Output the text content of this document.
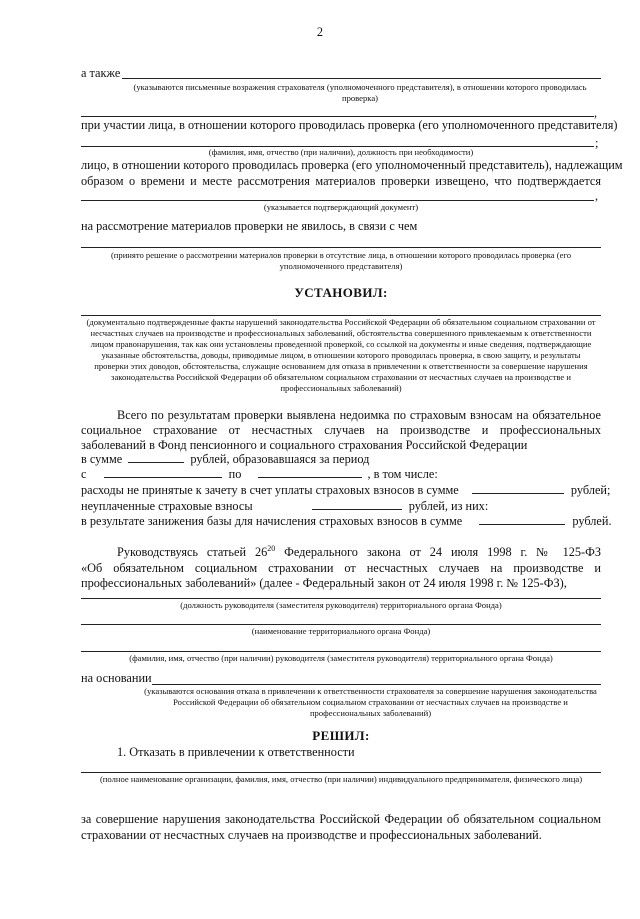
2
а также
(указываются письменные возражения страхователя (уполномоченного представителя), в отношении которого проводилась проверка)
,
при участии лица, в отношении которого проводилась проверка (его уполномоченного представителя)
;
(фамилия, имя, отчество (при наличии), должность при необходимости)
лицо, в отношении которого проводилась проверка (его уполномоченный представитель), надлежащим
образом о времени и месте рассмотрения материалов проверки извещено, что подтверждается
,
(указывается подтверждающий документ)
на рассмотрение материалов проверки не явилось, в связи с чем
(принято решение о рассмотрении материалов проверки в отсутствие лица, в отношении которого проводилась проверка (его уполномоченного представителя)
УСТАНОВИЛ:
(документально подтвержденные факты нарушений законодательства Российской Федерации об обязательном социальном страховании от несчастных случаев на производстве и профессиональных заболеваний, обстоятельства совершенного привлекаемым к ответственности лицом правонарушения, так как они установлены проведенной проверкой, со ссылкой на документы и иные сведения, подтверждающие указанные обстоятельства, доводы, приводимые лицом, в отношении которого проводилась проверка, в свою защиту, и результаты проверки этих доводов, обстоятельства, служащие основанием для отказа в привлечении к ответственности за совершение нарушения законодательства Российской Федерации об обязательном социальном страховании от несчастных случаев на производстве и профессиональных заболеваний)
Всего по результатам проверки выявлена недоимка по страховым взносам на обязательное социальное страхование от несчастных случаев на производстве и профессиональных заболеваний в Фонд пенсионного и социального страхования Российской Федерации
в сумме	рублей, образовавшаяся за период
с	по	, в том числе:
расходы не принятые к зачету в счет уплаты страховых взносов в сумме	рублей;
неуплаченные страховые взносы	рублей, из них:
в результате занижения базы для начисления страховых взносов в сумме	рублей.
Руководствуясь статьей $26^{20}$ Федерального закона от 24 июля 1998 г. № 125-ФЗ
«Об обязательном социальном страховании от несчастных случаев на производстве и
профессиональных заболеваний» (далее - Федеральный закон от 24 июля 1998 г. № 125-ФЗ),
(должность руководителя (заместителя руководителя) территориального органа Фонда)
(наименование территориального органа Фонда)
(фамилия, имя, отчество (при наличии) руководителя (заместителя руководителя) территориального органа Фонда)
на основании
(указываются основания отказа в привлечении к ответственности страхователя за совершение нарушения законодательства Российской Федерации об обязательном социальном страховании от несчастных случаев на производстве и профессиональных заболеваний)
РЕШИЛ:
1. Отказать в привлечении к ответственности
(полное наименование организации, фамилия, имя, отчество (при наличии) индивидуального предпринимателя, физического лица)
за совершение нарушения законодательства Российской Федерации об обязательном социальном
страховании от несчастных случаев на производстве и профессиональных заболеваний.
